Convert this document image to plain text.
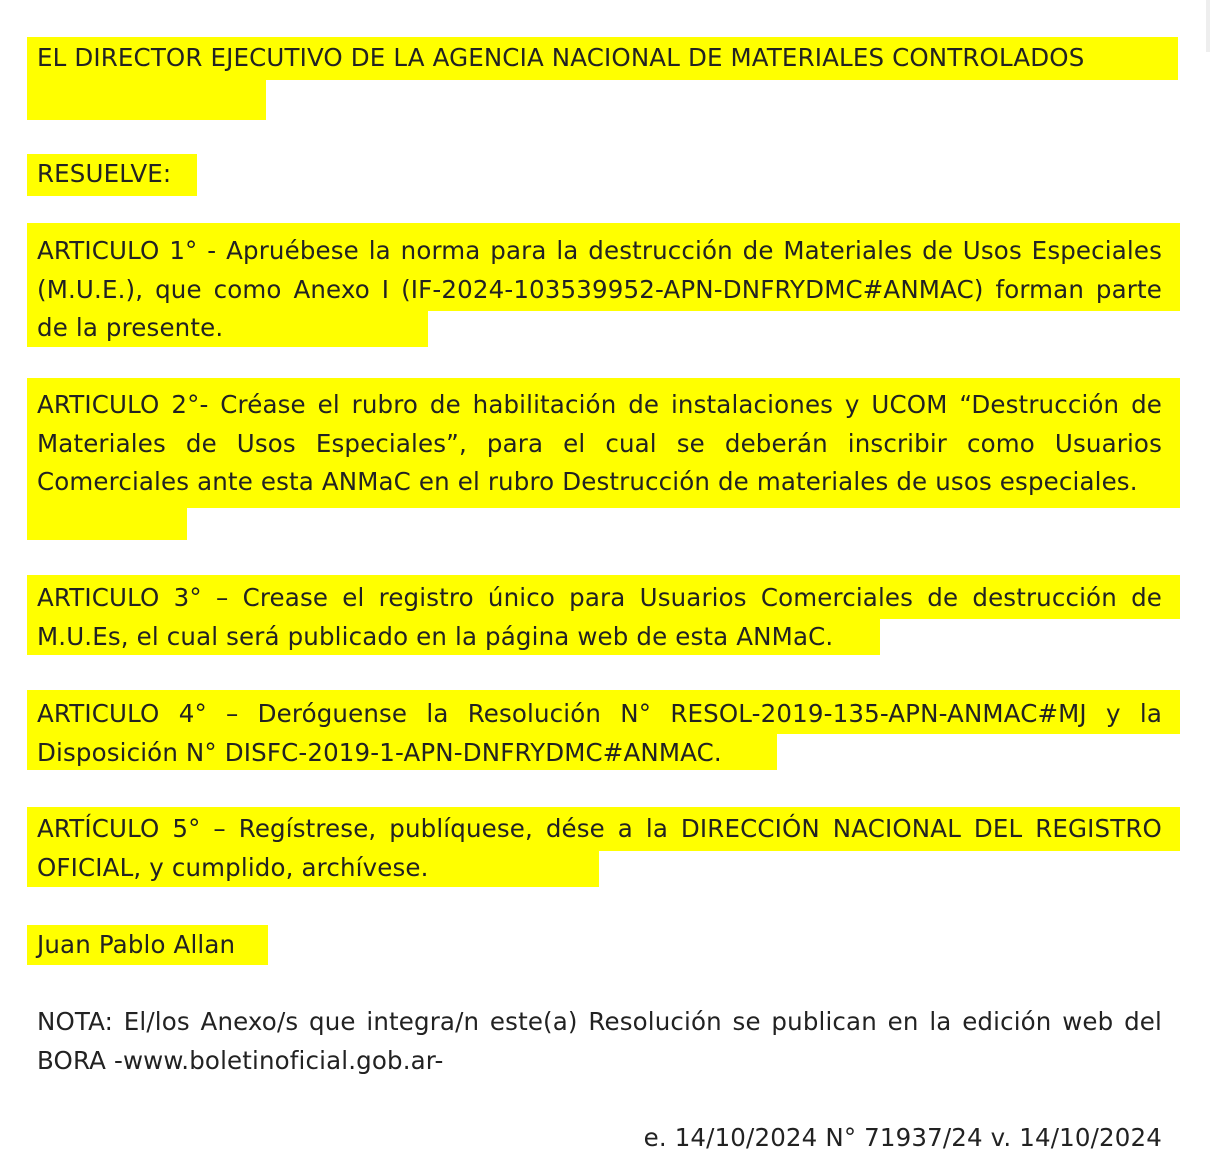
EL DIRECTOR EJECUTIVO DE LA AGENCIA NACIONAL DE MATERIALES CONTROLADOS

RESUELVE:

ARTICULO 1° - Apruébese la norma para la destrucción de Materiales de Usos Especiales (M.U.E.), que como Anexo I (IF-2024-103539952-APN-DNFRYDMC#ANMAC) forman parte de la presente.

ARTICULO 2°- Créase el rubro de habilitación de instalaciones y UCOM “Destrucción de Materiales de Usos Especiales”, para el cual se deberán inscribir como Usuarios Comerciales ante esta ANMaC en el rubro Destrucción de materiales de usos especiales.

ARTICULO 3° – Crease el registro único para Usuarios Comerciales de destrucción de M.U.Es, el cual será publicado en la página web de esta ANMaC.

ARTICULO 4° – Deróguense la Resolución N° RESOL-2019-135-APN-ANMAC#MJ y la Disposición N° DISFC-2019-1-APN-DNFRYDMC#ANMAC.

ARTÍCULO 5° – Regístrese, publíquese, dése a la DIRECCIÓN NACIONAL DEL REGISTRO OFICIAL, y cumplido, archívese.

Juan Pablo Allan

NOTA: El/los Anexo/s que integra/n este(a) Resolución se publican en la edición web del BORA -www.boletinoficial.gob.ar-

e. 14/10/2024 N° 71937/24 v. 14/10/2024
